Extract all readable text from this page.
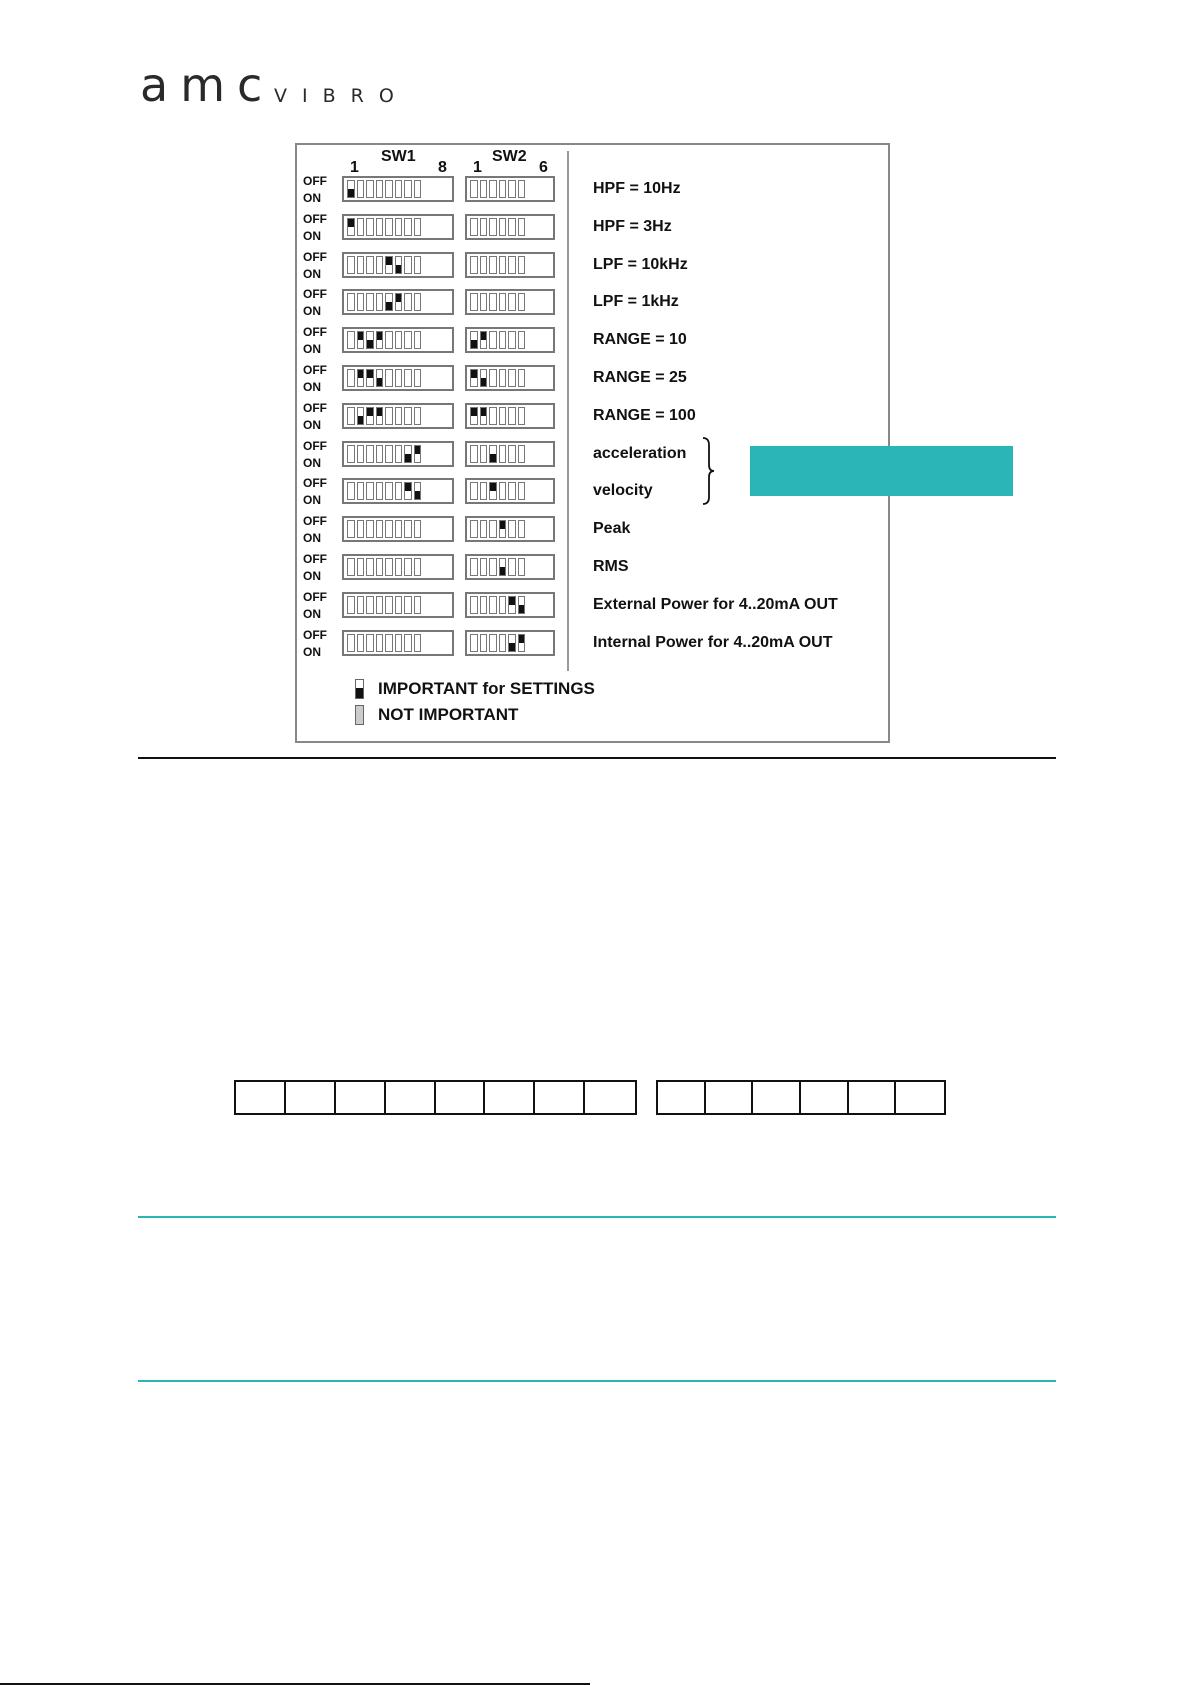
amc VIBRO
1
SW1
8 1
SW2
6
OFF
ON
HPF = 10Hz
OFF
ON
HPF = 3Hz
OFF
ON
LPF = 10kHz
OFF
ON
LPF = 1kHz
OFF
ON
RANGE = 10
OFF
ON
RANGE = 25
OFF
ON
RANGE = 100
OFF
ON
acceleration
OFF
ON
velocity
OFF
ON
Peak
OFF
ON
RMS
OFF
ON
External Power for 4..20mA OUT
OFF
ON
Internal Power for 4..20mA OUT
IMPORTANT for SETTINGS
NOT IMPORTANT
